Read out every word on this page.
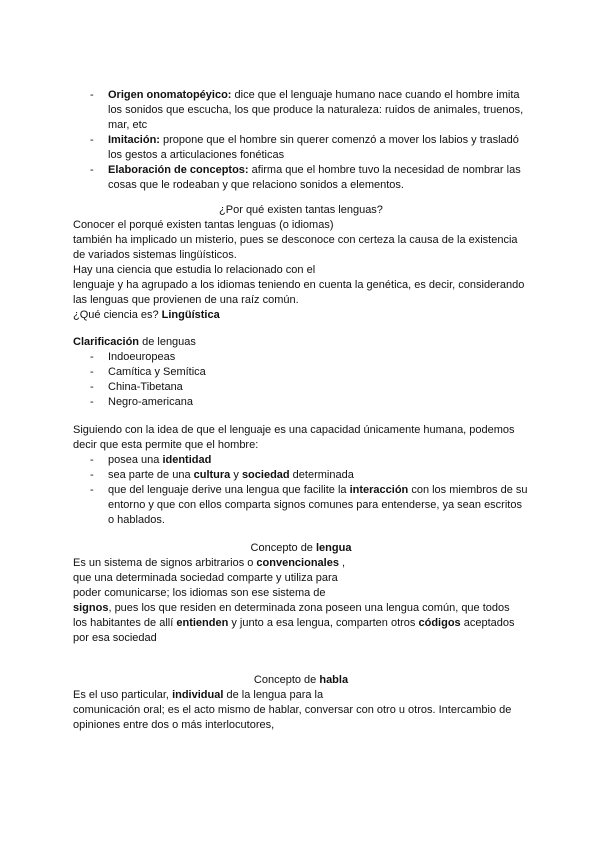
- Origen onomatopéyico: dice que el lenguaje humano nace cuando el hombre imita los sonidos que escucha, los que produce la naturaleza: ruidos de animales, truenos, mar, etc
- Imitación: propone que el hombre sin querer comenzó a mover los labios y trasladó los gestos a articulaciones fonéticas
- Elaboración de conceptos: afirma que el hombre tuvo la necesidad de nombrar las cosas que le rodeaban y que relaciono sonidos a elementos.
¿Por qué existen tantas lenguas?
Conocer el porqué existen tantas lenguas (o idiomas)
también ha implicado un misterio, pues se desconoce con certeza la causa de la existencia
de variados sistemas lingüísticos.
Hay una ciencia que estudia lo relacionado con el
lenguaje y ha agrupado a los idiomas teniendo en cuenta la genética, es decir, considerando
las lenguas que provienen de una raíz común.
¿Qué ciencia es? Lingüística
Clarificación de lenguas
- Indoeuropeas
- Camítica y Semítica
- China-Tibetana
- Negro-americana
Siguiendo con la idea de que el lenguaje es una capacidad únicamente humana, podemos
decir que esta permite que el hombre:
- posea una identidad
- sea parte de una cultura y sociedad determinada
- que del lenguaje derive una lengua que facilite la interacción con los miembros de su entorno y que con ellos comparta signos comunes para entenderse, ya sean escritos o hablados.
Concepto de lengua
Es un sistema de signos arbitrarios o convencionales ,
que una determinada sociedad comparte y utiliza para
poder comunicarse; los idiomas son ese sistema de
signos, pues los que residen en determinada zona poseen una lengua común, que todos
los habitantes de allí entienden y junto a esa lengua, comparten otros códigos aceptados
por esa sociedad
Concepto de habla
Es el uso particular, individual de la lengua para la
comunicación oral; es el acto mismo de hablar, conversar con otro u otros. Intercambio de
opiniones entre dos o más interlocutores,
